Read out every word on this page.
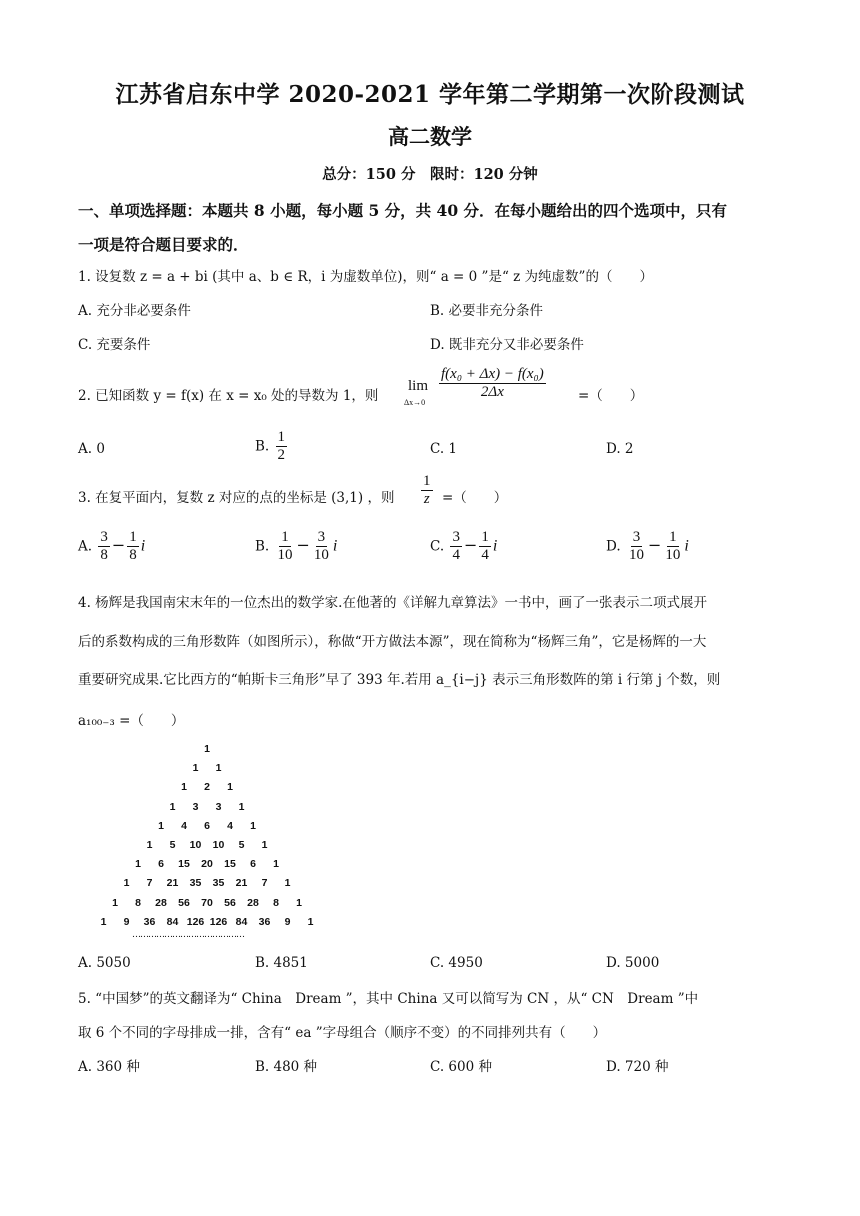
江苏省启东中学 2020-2021 学年第二学期第一次阶段测试
高二数学
总分：150 分　限时：120 分钟
一、单项选择题：本题共 8 小题，每小题 5 分，共 40 分．在每小题给出的四个选项中，只有
一项是符合题目要求的．
1. 设复数 z = a + bi (其中 a、b ∈ R，i 为虚数单位)，则“ a = 0 ”是“ z 为纯虚数”的（　　）
A. 充分非必要条件	B. 必要非充分条件
C. 充要条件	D. 既非充分又非必要条件
2. 已知函数 y = f(x) 在 x = x₀ 处的导数为 1，则
lim
Δx→0
$\frac{\text{f(x₀ + Δx) − f(x₀)}}{2\Delta x}$ =（　　）
A. 0	B. $\frac{1}{2}$	C. 1	D. 2
3. 在复平面内，复数 z 对应的点的坐标是 (3,1) ，则 $\frac{1}{z}$ =（　　）
A. $\frac{3}{8} - \frac{1}{8}$ i	B. $\frac{1}{10} - \frac{3}{10}$ i	C. $\frac{3}{4} - \frac{1}{4}$ i	D. $\frac{3}{10} - \frac{1}{10}$ i
4. 杨辉是我国南宋末年的一位杰出的数学家.在他著的《详解九章算法》一书中，画了一张表示二项式展开
后的系数构成的三角形数阵（如图所示），称做“开方做法本源”，现在简称为“杨辉三角”，它是杨辉的一大
重要研究成果.它比西方的“帕斯卡三角形”早了 393 年.若用 a_{i−j} 表示三角形数阵的第 i 行第 j 个数，则
a₁₀₀₋₃ =（　　）
1
1 1
1 2 1
1 3 3 1
1 4 6 4 1
1 5 10 10 5 1
1 6 15 20 15 6 1
1 7 21 35 35 21 7 1
1 8 28 56 70 56 28 8 1
1 9 36 84 126 126 84 36 9 1
……………………………………
A. 5050	B. 4851	C. 4950	D. 5000
5. “中国梦”的英文翻译为“ China　Dream ”，其中 China 又可以简写为 CN ，从“ CN　Dream ”中
取 6 个不同的字母排成一排，含有“ ea ”字母组合（顺序不变）的不同排列共有（　　）
A. 360 种	B. 480 种	C. 600 种	D. 720 种
